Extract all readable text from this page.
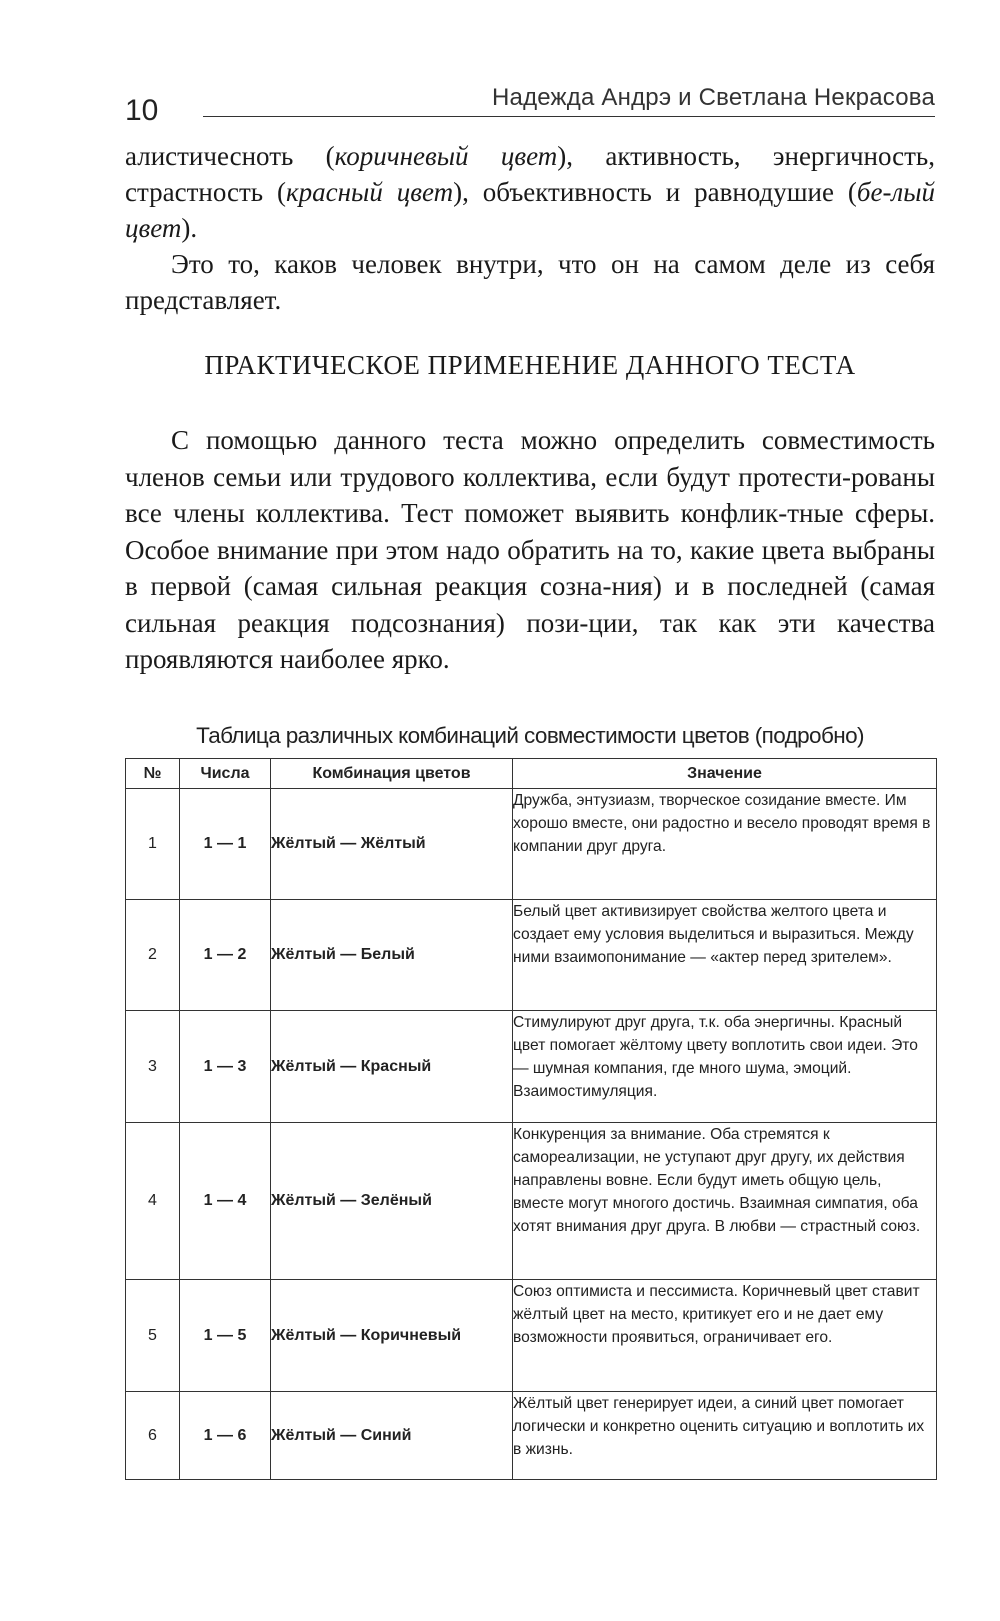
10	Надежда Андрэ и Светлана Некрасова

алистичесноть (коричневый цвет), активность, энергичность, страстность (красный цвет), объективность и равнодушие (бе-лый цвет).

Это то, каков человек внутри, что он на самом деле из себя представляет.

ПРАКТИЧЕСКОЕ ПРИМЕНЕНИЕ ДАННОГО ТЕСТА

С помощью данного теста можно определить совместимость членов семьи или трудового коллектива, если будут протести-рованы все члены коллектива. Тест поможет выявить конфлик-тные сферы. Особое внимание при этом надо обратить на то, какие цвета выбраны в первой (самая сильная реакция созна-ния) и в последней (самая сильная реакция подсознания) пози-ции, так как эти качества проявляются наиболее ярко.

Таблица различных комбинаций совместимости цветов (подробно)

№	Числа	Комбинация цветов	Значение
1	1 — 1	Жёлтый — Жёлтый	Дружба, энтузиазм, творческое созидание вместе. Им хорошо вместе, они радостно и весело проводят время в компании друг друга.
2	1 — 2	Жёлтый — Белый	Белый цвет активизирует свойства желтого цвета и создает ему условия выделиться и выразиться. Между ними взаимопонимание — «актер перед зрителем».
3	1 — 3	Жёлтый — Красный	Стимулируют друг друга, т.к. оба энергичны. Красный цвет помогает жёлтому цвету воплотить свои идеи. Это — шумная компания, где много шума, эмоций. Взаимостимуляция.
4	1 — 4	Жёлтый — Зелёный	Конкуренция за внимание. Оба стремятся к самореализации, не уступают друг другу, их действия направлены вовне. Если будут иметь общую цель, вместе могут многого достичь. Взаимная симпатия, оба хотят внимания друг друга. В любви — страстный союз.
5	1 — 5	Жёлтый — Коричневый	Союз оптимиста и пессимиста. Коричневый цвет ставит жёлтый цвет на место, критикует его и не дает ему возможности проявиться, ограничивает его.
6	1 — 6	Жёлтый — Синий	Жёлтый цвет генерирует идеи, а синий цвет помогает логически и конкретно оценить ситуацию и воплотить их в жизнь.
